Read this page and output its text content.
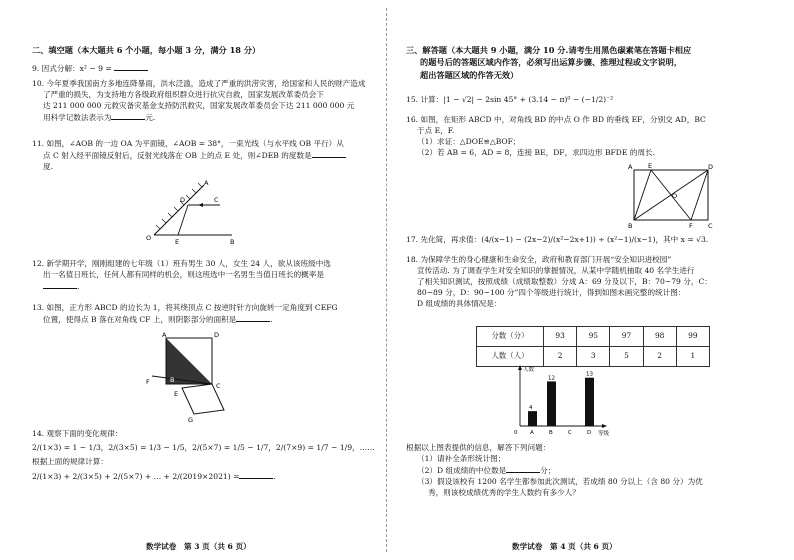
二、填空题（本大题共 6 个小题，每小题 3 分，满分 18 分）
9. 因式分解：x² − 9 =
10. 今年夏季我国南方多地连降暴雨，洪水泛滥，造成了严重的洪涝灾害，给国家和人民的财产造成
了严重的损失，为支持地方各级政府组织群众进行抗灾自救，国家发展改革委员会下
达 211 000 000 元救灾备灾基金支持防汛救灾，国家发展改革委员会下达 211 000 000 元
用科学记数法表示为	元.
11. 如图，∠AOB 的一边 OA 为平面镜，∠AOB = 38°，一束光线（与水平线 OB 平行）从
点 C 射入经平面镜反射后，反射光线落在 OB 上的点 E 处，则∠DEB 的度数是
度.
A
B
C
D
E
O
12. 新学期开学，刚刚组建的七年级（1）班有男生 30 人，女生 24 人，欲从该班级中选
出一名值日班长，任何人都有同样的机会，则这班选中一名男生当值日班长的概率是
.
13. 如图，正方形 ABCD 的边长为 1，将其绕顶点 C 按逆时针方向旋转一定角度到 CEFG
位置，使得点 B 落在对角线 CF 上，则阴影部分的面积是	.
A
B
C
D
E
F
G
14. 观察下面的变化规律：
2/(1×3) = 1 − 1/3，2/(3×5) = 1/3 − 1/5，2/(5×7) = 1/5 − 1/7，2/(7×9) = 1/7 − 1/9，……
根据上面的规律计算：
2/(1×3) + 2/(3×5) + 2/(5×7) + … + 2/(2019×2021) =	.
数学试卷　第 3 页（共 6 页）
三、解答题（本大题共 9 小题，满分 10 分.请考生用黑色碳素笔在答题卡相应
的题号后的答题区域内作答，必须写出运算步骤、推理过程或文字说明，
超出答题区域的作答无效）
15. 计算：|1 − √2| − 2sin 45° + (3.14 − π)⁰ − (−1/2)⁻²
16. 如图，在矩形 ABCD 中，对角线 BD 的中点 O 作 BD 的垂线 EF，分别交 AD，BC
于点 E，F.
（1）求证：△DOE≌△BOF；
（2）若 AB = 6，AD = 8，连接 BE，DF，求四边形 BFDE 的周长.
A
B	C
D
E
F
O
17. 先化简，再求值：(4/(x−1) − (2x−2)/(x²−2x+1)) ÷ (x²−1)/(x−1)，其中 x = √3.
18. 为保障学生的身心健康和生命安全，政府和教育部门开展“安全知识进校园”
宣传活动. 为了调查学生对安全知识的掌握情况，从某中学随机抽取 40 名学生进行
了相关知识测试，按照成绩（成绩取整数）分成 A：69 分及以下，B：70~79 分，C：
80~89 分，D：90~100 分”四个等级进行统计，得到如图未画完整的统计图：
D 组成绩的具体情况是：
分数（分）	93	95	97	98	99
人数（人）	2	3	5	2	1
人数
等级
0
4
A
12
B	C
13
D
根据以上图表提供的信息，解答下列问题：
（1）请补全条形统计图；
（2）D 组成绩的中位数是	分；
（3）假设该校有 1200 名学生都参加此次测试，若成绩 80 分以上（含 80 分）为优
秀，则该校成绩优秀的学生人数约有多少人？
数学试卷　第 4 页（共 6 页）
